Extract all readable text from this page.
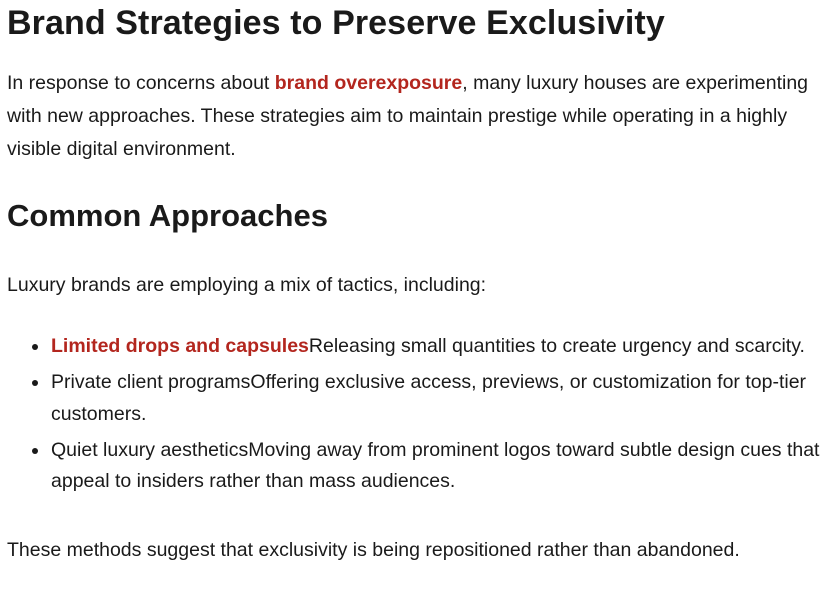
Brand Strategies to Preserve Exclusivity

In response to concerns about brand overexposure, many luxury houses are experimenting with new approaches. These strategies aim to maintain prestige while operating in a highly visible digital environment.

Common Approaches

Luxury brands are employing a mix of tactics, including:

Limited drops and capsulesReleasing small quantities to create urgency and scarcity.
Private client programsOffering exclusive access, previews, or customization for top-tier customers.
Quiet luxury aestheticsMoving away from prominent logos toward subtle design cues that appeal to insiders rather than mass audiences.

These methods suggest that exclusivity is being repositioned rather than abandoned.
